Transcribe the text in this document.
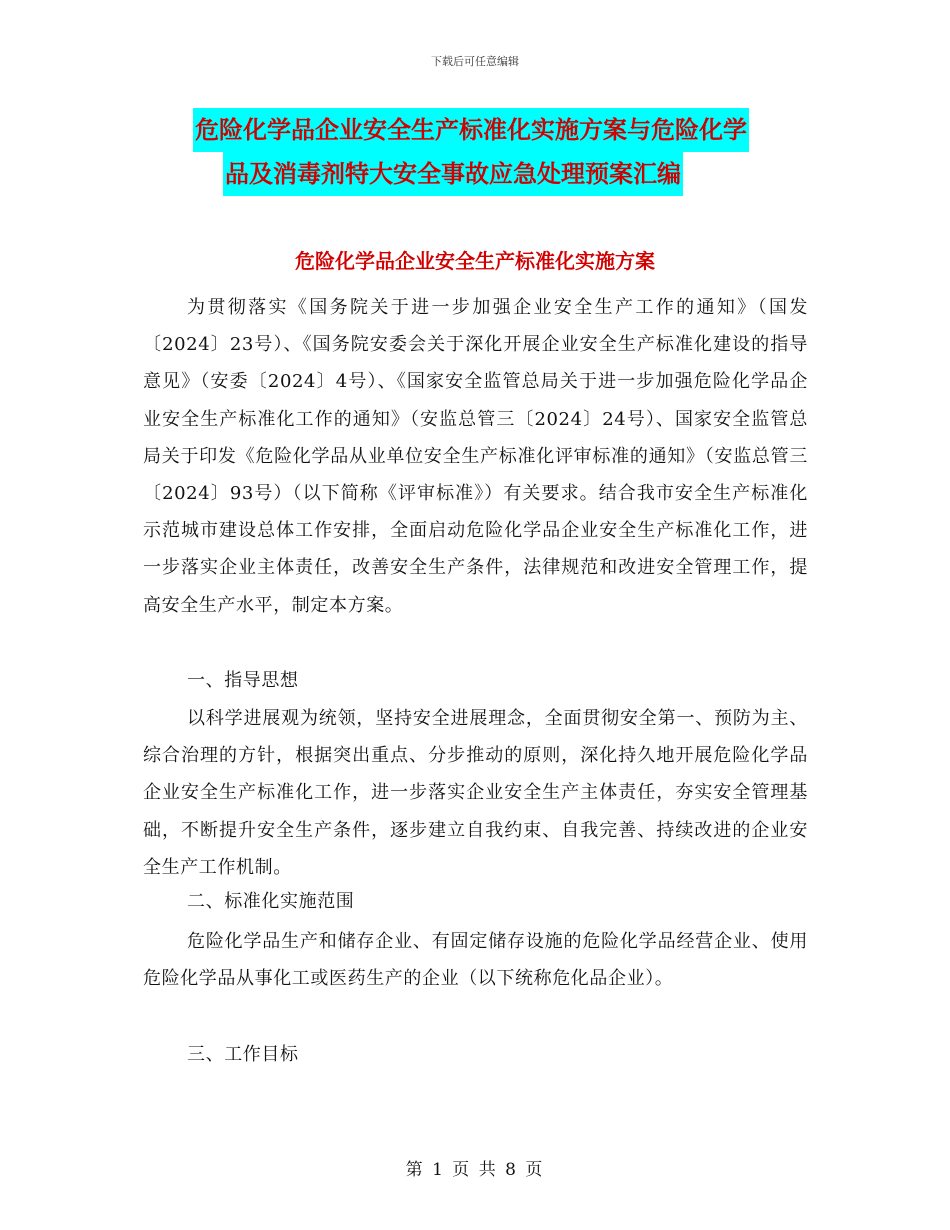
下载后可任意编辑
危险化学品企业安全生产标准化实施方案与危险化学
品及消毒剂特大安全事故应急处理预案汇编
危险化学品企业安全生产标准化实施方案
为贯彻落实《国务院关于进一步加强企业安全生产工作的通知》（国发〔2024〕23号）、《国务院安委会关于深化开展企业安全生产标准化建设的指导意见》（安委〔2024〕4号）、《国家安全监管总局关于进一步加强危险化学品企业安全生产标准化工作的通知》（安监总管三〔2024〕24号）、国家安全监管总局关于印发《危险化学品从业单位安全生产标准化评审标准的通知》（安监总管三〔2024〕93号）（以下简称《评审标准》）有关要求。结合我市安全生产标准化示范城市建设总体工作安排，全面启动危险化学品企业安全生产标准化工作，进一步落实企业主体责任，改善安全生产条件，法律规范和改进安全管理工作，提高安全生产水平，制定本方案。
一、指导思想
以科学进展观为统领，坚持安全进展理念，全面贯彻安全第一、预防为主、综合治理的方针，根据突出重点、分步推动的原则，深化持久地开展危险化学品企业安全生产标准化工作，进一步落实企业安全生产主体责任，夯实安全管理基础，不断提升安全生产条件，逐步建立自我约束、自我完善、持续改进的企业安全生产工作机制。
二、标准化实施范围
危险化学品生产和储存企业、有固定储存设施的危险化学品经营企业、使用危险化学品从事化工或医药生产的企业（以下统称危化品企业）。
三、工作目标
第 1 页 共 8 页
